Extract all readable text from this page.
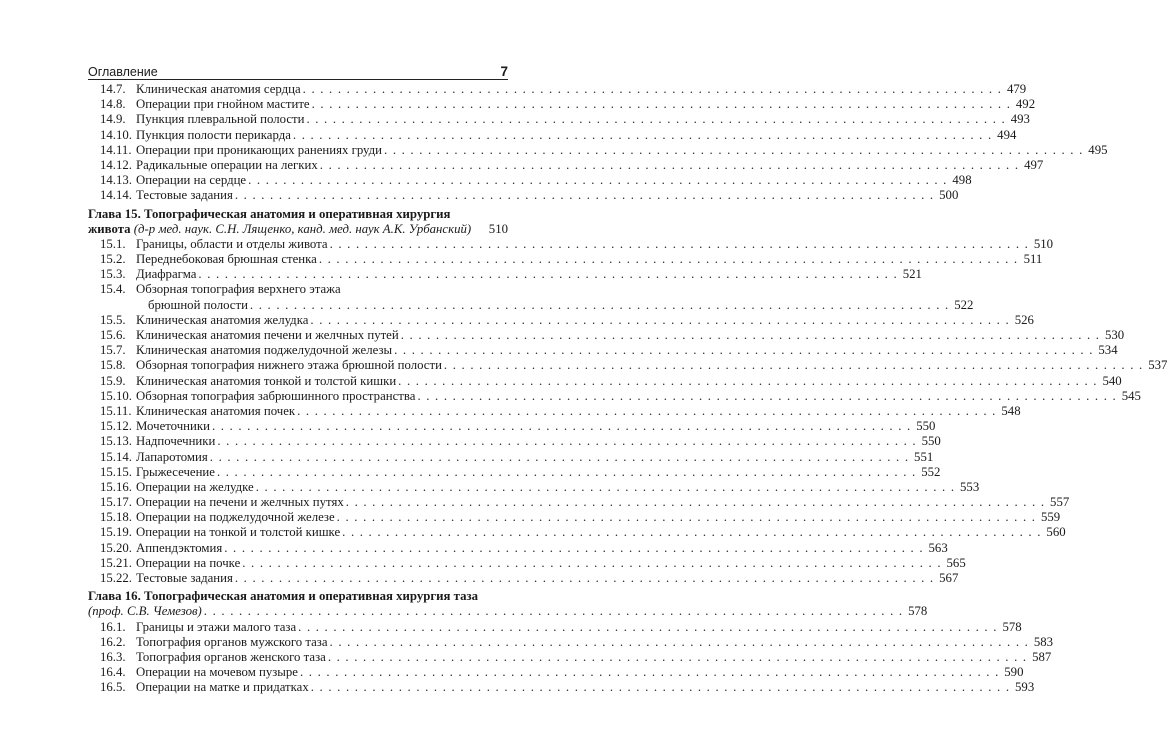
Оглавление	7
14.7. Клиническая анатомия сердца . . .	479
14.8. Операции при гнойном мастите . . .	492
14.9. Пункция плевральной полости . . .	493
14.10. Пункция полости перикарда . . .	494
14.11. Операции при проникающих ранениях груди . . .	495
14.12. Радикальные операции на легких . . .	497
14.13. Операции на сердце . . .	498
14.14. Тестовые задания . . .	500
Глава 15. Топографическая анатомия и оперативная хирургия
живота
(д-р мед. наук. С.Н. Лященко, канд. мед. наук А.К. Урбанский) 510
15.1. Границы, области и отделы живота . . .	510
15.2. Переднебоковая брюшная стенка . . .	511
15.3. Диафрагма . . .	521
15.4. Обзорная топография верхнего этажа
брюшной полости . . .	522
15.5. Клиническая анатомия желудка . . .	526
15.6. Клиническая анатомия печени и желчных путей . . .	530
15.7. Клиническая анатомия поджелудочной железы . . .	534
15.8. Обзорная топография нижнего этажа брюшной полости . . .	537
15.9. Клиническая анатомия тонкой и толстой кишки . . .	540
15.10. Обзорная топография забрюшинного пространства . . .	545
15.11. Клиническая анатомия почек . . .	548
15.12. Мочеточники . . .	550
15.13. Надпочечники . . .	550
15.14. Лапаротомия . . .	551
15.15. Грыжесечение . . .	552
15.16. Операции на желудке . . .	553
15.17. Операции на печени и желчных путях . . .	557
15.18. Операции на поджелудочной железе . . .	559
15.19. Операции на тонкой и толстой кишке . . .	560
15.20. Аппендэктомия . . .	563
15.21. Операции на почке . . .	565
15.22. Тестовые задания . . .	567
Глава 16. Топографическая анатомия и оперативная хирургия таза
(проф. С.В. Чемезов) . . .	578
16.1. Границы и этажи малого таза . . .	578
16.2. Топография органов мужского таза . . .	583
16.3. Топография органов женского таза . . .	587
16.4. Операции на мочевом пузыре . . .	590
16.5. Операции на матке и придатках . . .	593
